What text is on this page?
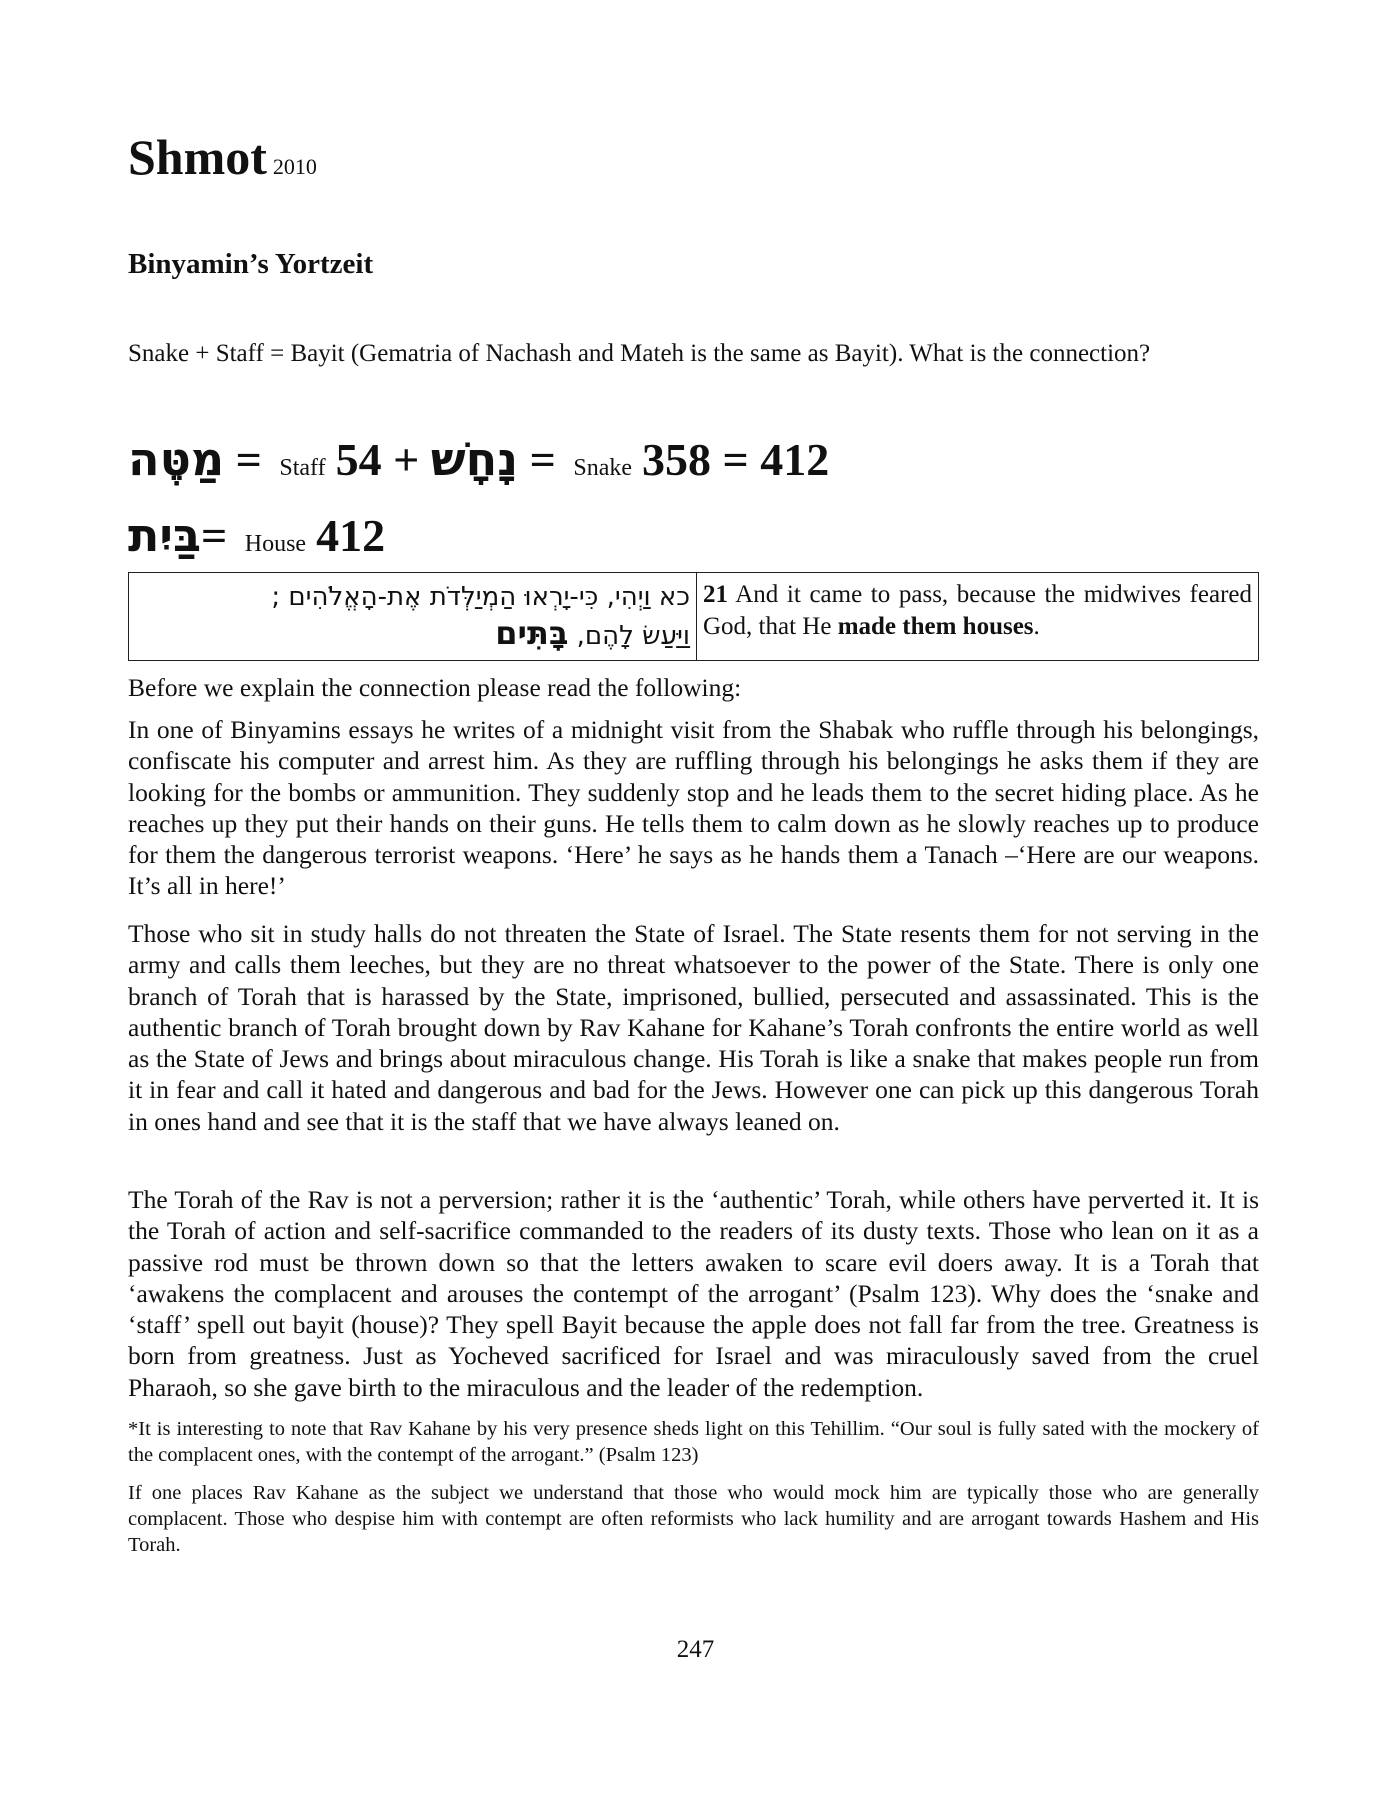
Shmot 2010
Binyamin’s Yortzeit
Snake + Staff = Bayit (Gematria of Nachash and Mateh is the same as Bayit). What is the connection?
מַטֶּה = Staff 54 + נָחָשׁ = Snake 358 = 412
בַּיִת= House 412
כא וַיְהִי, כִּי-יָרְאוּ הַמְיַלְּדֹת אֶת-הָאֱלֹהִים ;
וַיַּעַשׂ לָהֶם, בָּתִּים
	21 And it came to pass, because the midwives feared God, that He made them houses.
Before we explain the connection please read the following:
In one of Binyamins essays he writes of a midnight visit from the Shabak who ruffle through his belongings, confiscate his computer and arrest him. As they are ruffling through his belongings he asks them if they are looking for the bombs or ammunition. They suddenly stop and he leads them to the secret hiding place. As he reaches up they put their hands on their guns. He tells them to calm down as he slowly reaches up to produce for them the dangerous terrorist weapons. ‘Here’ he says as he hands them a Tanach –‘Here are our weapons. It’s all in here!’
Those who sit in study halls do not threaten the State of Israel. The State resents them for not serving in the army and calls them leeches, but they are no threat whatsoever to the power of the State. There is only one branch of Torah that is harassed by the State, imprisoned, bullied, persecuted and assassinated. This is the authentic branch of Torah brought down by Rav Kahane for Kahane’s Torah confronts the entire world as well as the State of Jews and brings about miraculous change. His Torah is like a snake that makes people run from it in fear and call it hated and dangerous and bad for the Jews. However one can pick up this dangerous Torah in ones hand and see that it is the staff that we have always leaned on.
The Torah of the Rav is not a perversion; rather it is the ‘authentic’ Torah, while others have perverted it. It is the Torah of action and self-sacrifice commanded to the readers of its dusty texts. Those who lean on it as a passive rod must be thrown down so that the letters awaken to scare evil doers away. It is a Torah that ‘awakens the complacent and arouses the contempt of the arrogant’ (Psalm 123). Why does the ‘snake and ‘staff’ spell out bayit (house)? They spell Bayit because the apple does not fall far from the tree. Greatness is born from greatness. Just as Yocheved sacrificed for Israel and was miraculously saved from the cruel Pharaoh, so she gave birth to the miraculous and the leader of the redemption.
*It is interesting to note that Rav Kahane by his very presence sheds light on this Tehillim. “Our soul is fully sated with the mockery of the complacent ones, with the contempt of the arrogant.” (Psalm 123)
If one places Rav Kahane as the subject we understand that those who would mock him are typically those who are generally complacent. Those who despise him with contempt are often reformists who lack humility and are arrogant towards Hashem and His Torah.
247
